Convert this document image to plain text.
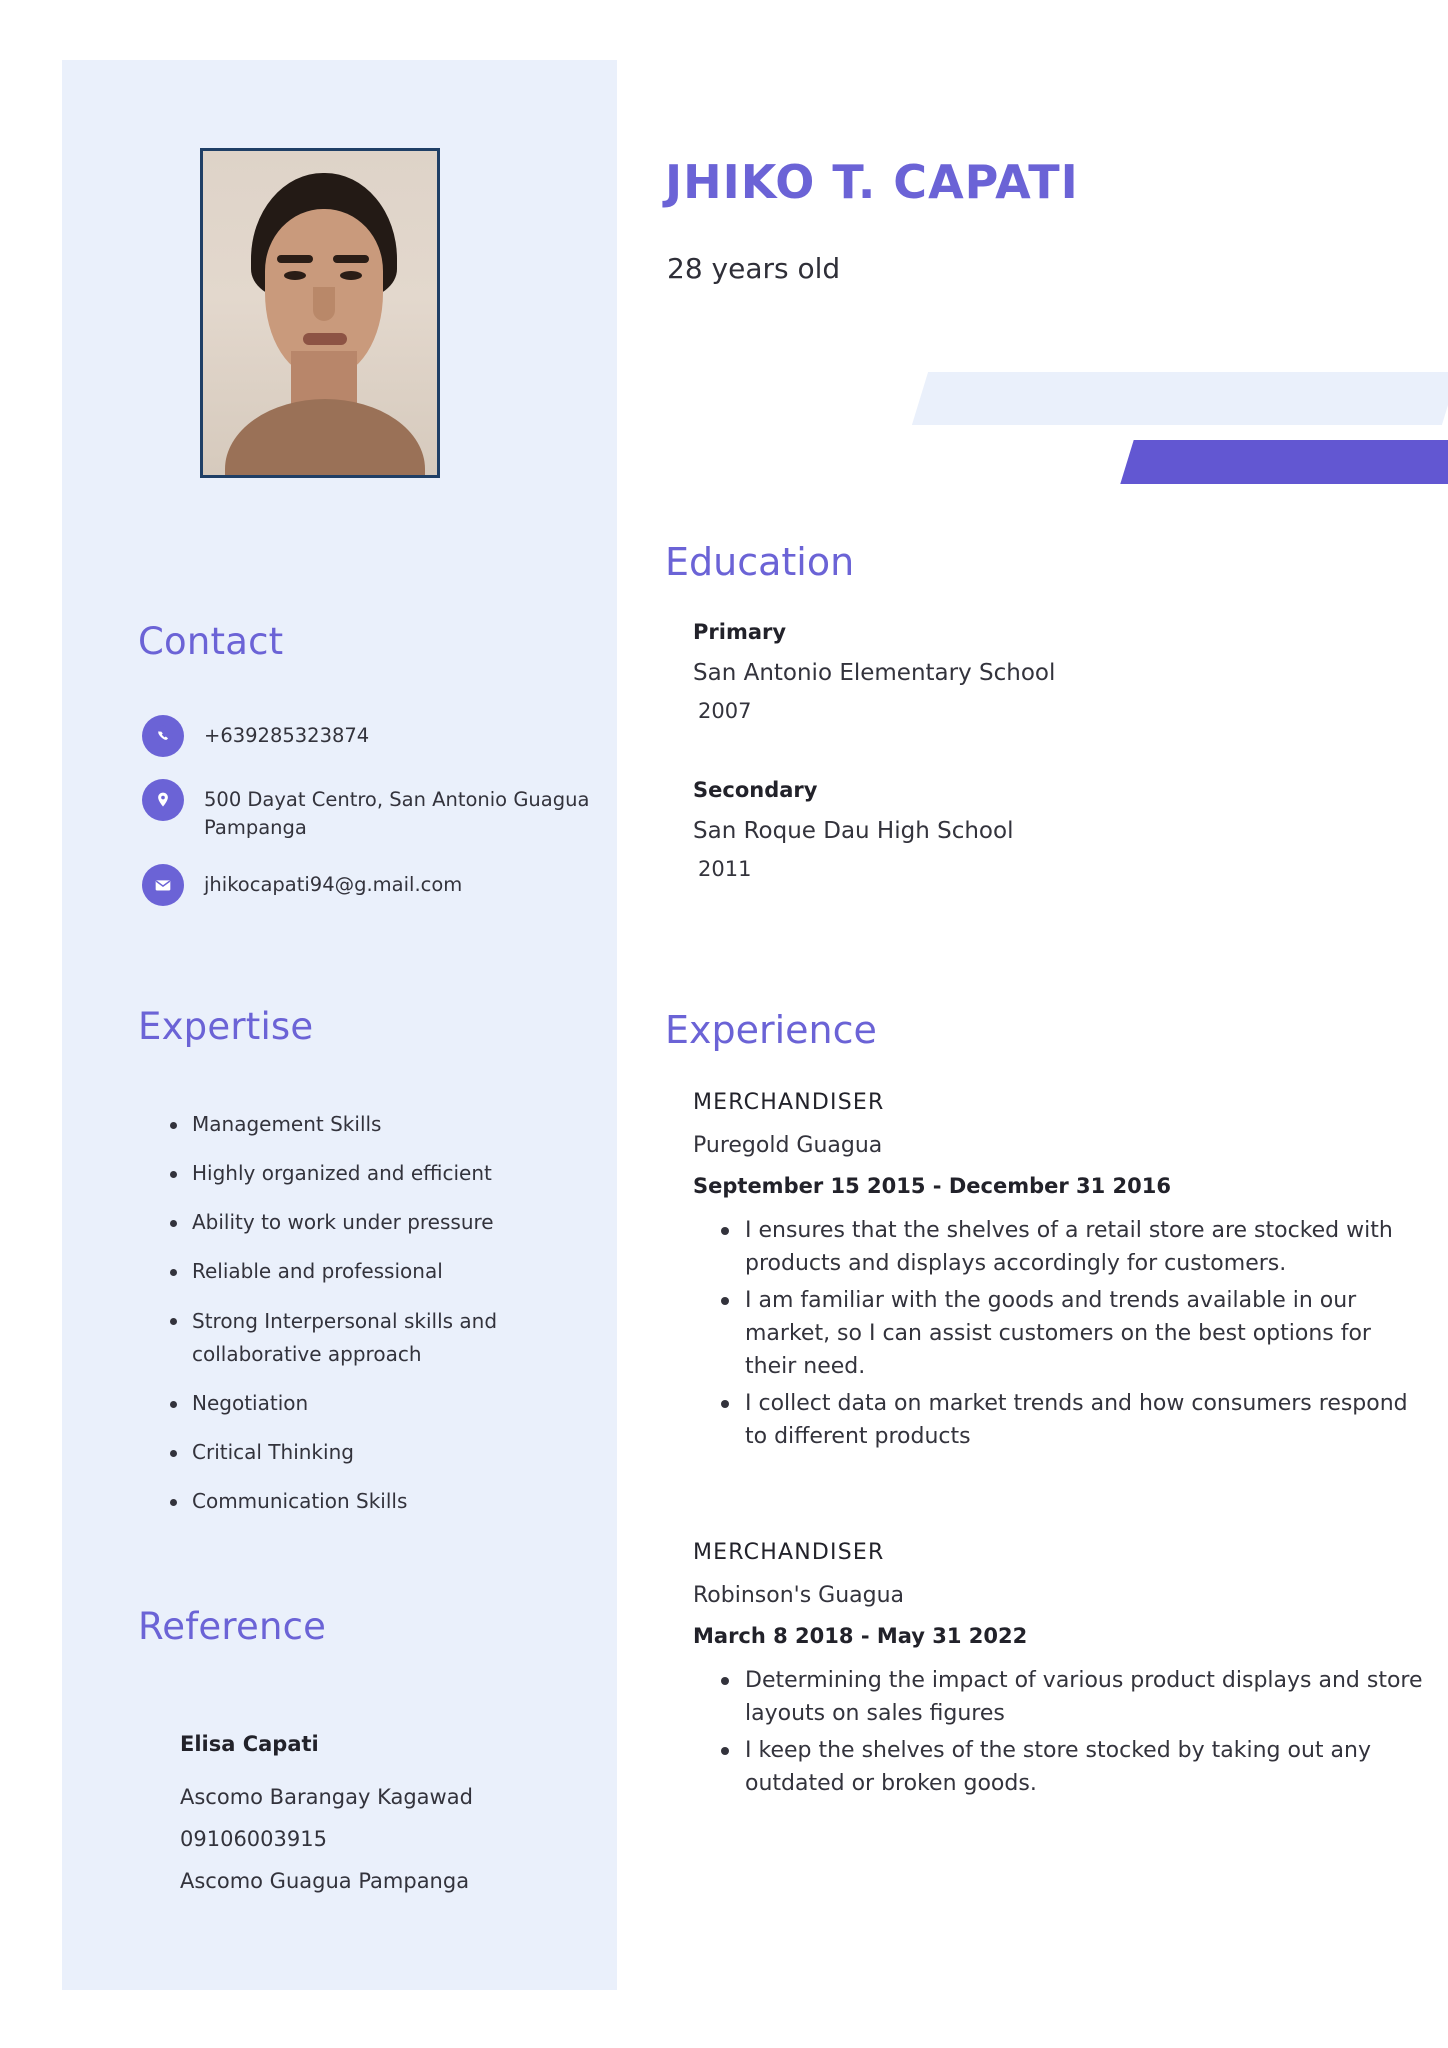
Contact
+639285323874
500 Dayat Centro, San Antonio Guagua Pampanga
jhikocapati94@g.mail.com
Expertise
Management Skills
Highly organized and efficient
Ability to work under pressure
Reliable and professional
Strong Interpersonal skills and collaborative approach
Negotiation
Critical Thinking
Communication Skills
Reference
Elisa Capati
Ascomo Barangay Kagawad
09106003915
Ascomo Guagua Pampanga
JHIKO T. CAPATI
28 years old
Education
Primary
San Antonio Elementary School
2007
Secondary
San Roque Dau High School
2011
Experience
MERCHANDISER
Puregold Guagua
September 15 2015 - December 31 2016
I ensures that the shelves of a retail store are stocked with products and displays accordingly for customers.
I am familiar with the goods and trends available in our market, so I can assist customers on the best options for their need.
I collect data on market trends and how consumers respond to different products
MERCHANDISER
Robinson's Guagua
March 8 2018 - May 31 2022
Determining the impact of various product displays and store layouts on sales figures
I keep the shelves of the store stocked by taking out any outdated or broken goods.
